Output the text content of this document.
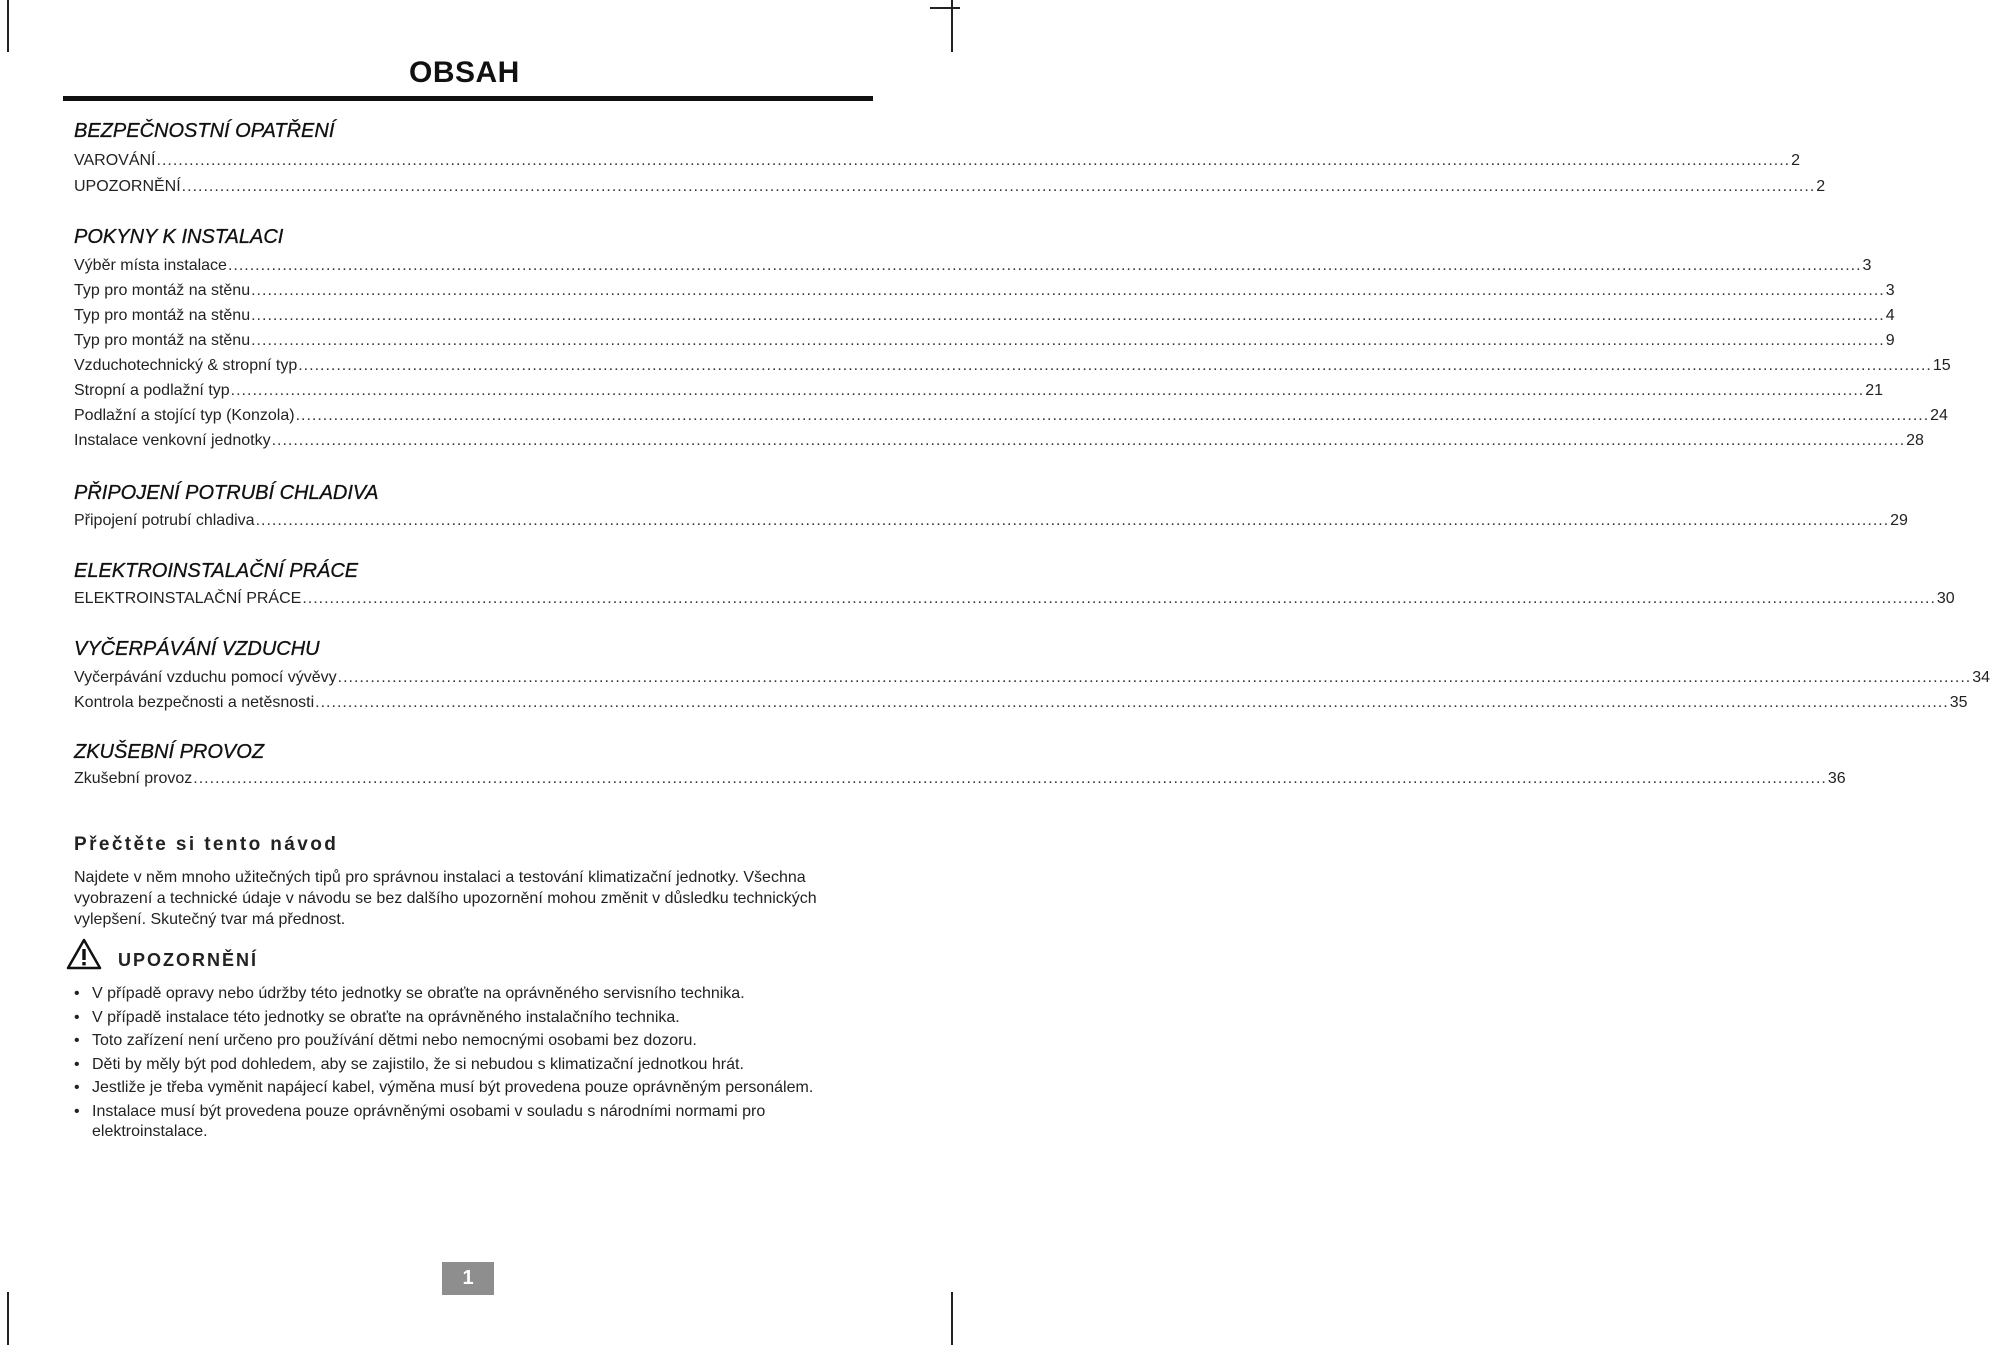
OBSAH
BEZPEČNOSTNÍ OPATŘENÍ
VAROVÁNÍ ............................................................................................................................................................................................................................................................................................................ 2
UPOZORNĚNÍ ............................................................................................................................................................................................................................................................................................................ 2
POKYNY K INSTALACI
Výběr místa instalace ............................................................................................................................................................................................................................................................................................................ 3
Typ pro montáž na stěnu ............................................................................................................................................................................................................................................................................................................ 3
Typ pro montáž na stěnu ............................................................................................................................................................................................................................................................................................................ 4
Typ pro montáž na stěnu ............................................................................................................................................................................................................................................................................................................ 9
Vzduchotechnický & stropní typ ............................................................................................................................................................................................................................................................................................................ 15
Stropní a podlažní typ ............................................................................................................................................................................................................................................................................................................ 21
Podlažní a stojící typ (Konzola) ............................................................................................................................................................................................................................................................................................................ 24
Instalace venkovní jednotky ............................................................................................................................................................................................................................................................................................................ 28
PŘIPOJENÍ POTRUBÍ CHLADIVA
Připojení potrubí chladiva ............................................................................................................................................................................................................................................................................................................ 29
ELEKTROINSTALAČNÍ PRÁCE
ELEKTROINSTALAČNÍ PRÁCE ............................................................................................................................................................................................................................................................................................................ 30
VYČERPÁVÁNÍ VZDUCHU
Vyčerpávání vzduchu pomocí vývěvy ............................................................................................................................................................................................................................................................................................................ 34
Kontrola bezpečnosti a netěsnosti ............................................................................................................................................................................................................................................................................................................ 35
ZKUŠEBNÍ PROVOZ
Zkušební provoz ............................................................................................................................................................................................................................................................................................................ 36
Přečtěte si tento návod

Najdete v něm mnoho užitečných tipů pro správnou instalaci a testování klimatizační jednotky. Všechna vyobrazení a technické údaje v návodu se bez dalšího upozornění mohou změnit v důsledku technických vylepšení. Skutečný tvar má přednost.

UPOZORNĚNÍ
• V případě opravy nebo údržby této jednotky se obraťte na oprávněného servisního technika.
• V případě instalace této jednotky se obraťte na oprávněného instalačního technika.
• Toto zařízení není určeno pro používání dětmi nebo nemocnými osobami bez dozoru.
• Děti by měly být pod dohledem, aby se zajistilo, že si nebudou s klimatizační jednotkou hrát.
• Jestliže je třeba vyměnit napájecí kabel, výměna musí být provedena pouze oprávněným personálem.
• Instalace musí být provedena pouze oprávněnými osobami v souladu s národními normami pro elektroinstalace.
1
